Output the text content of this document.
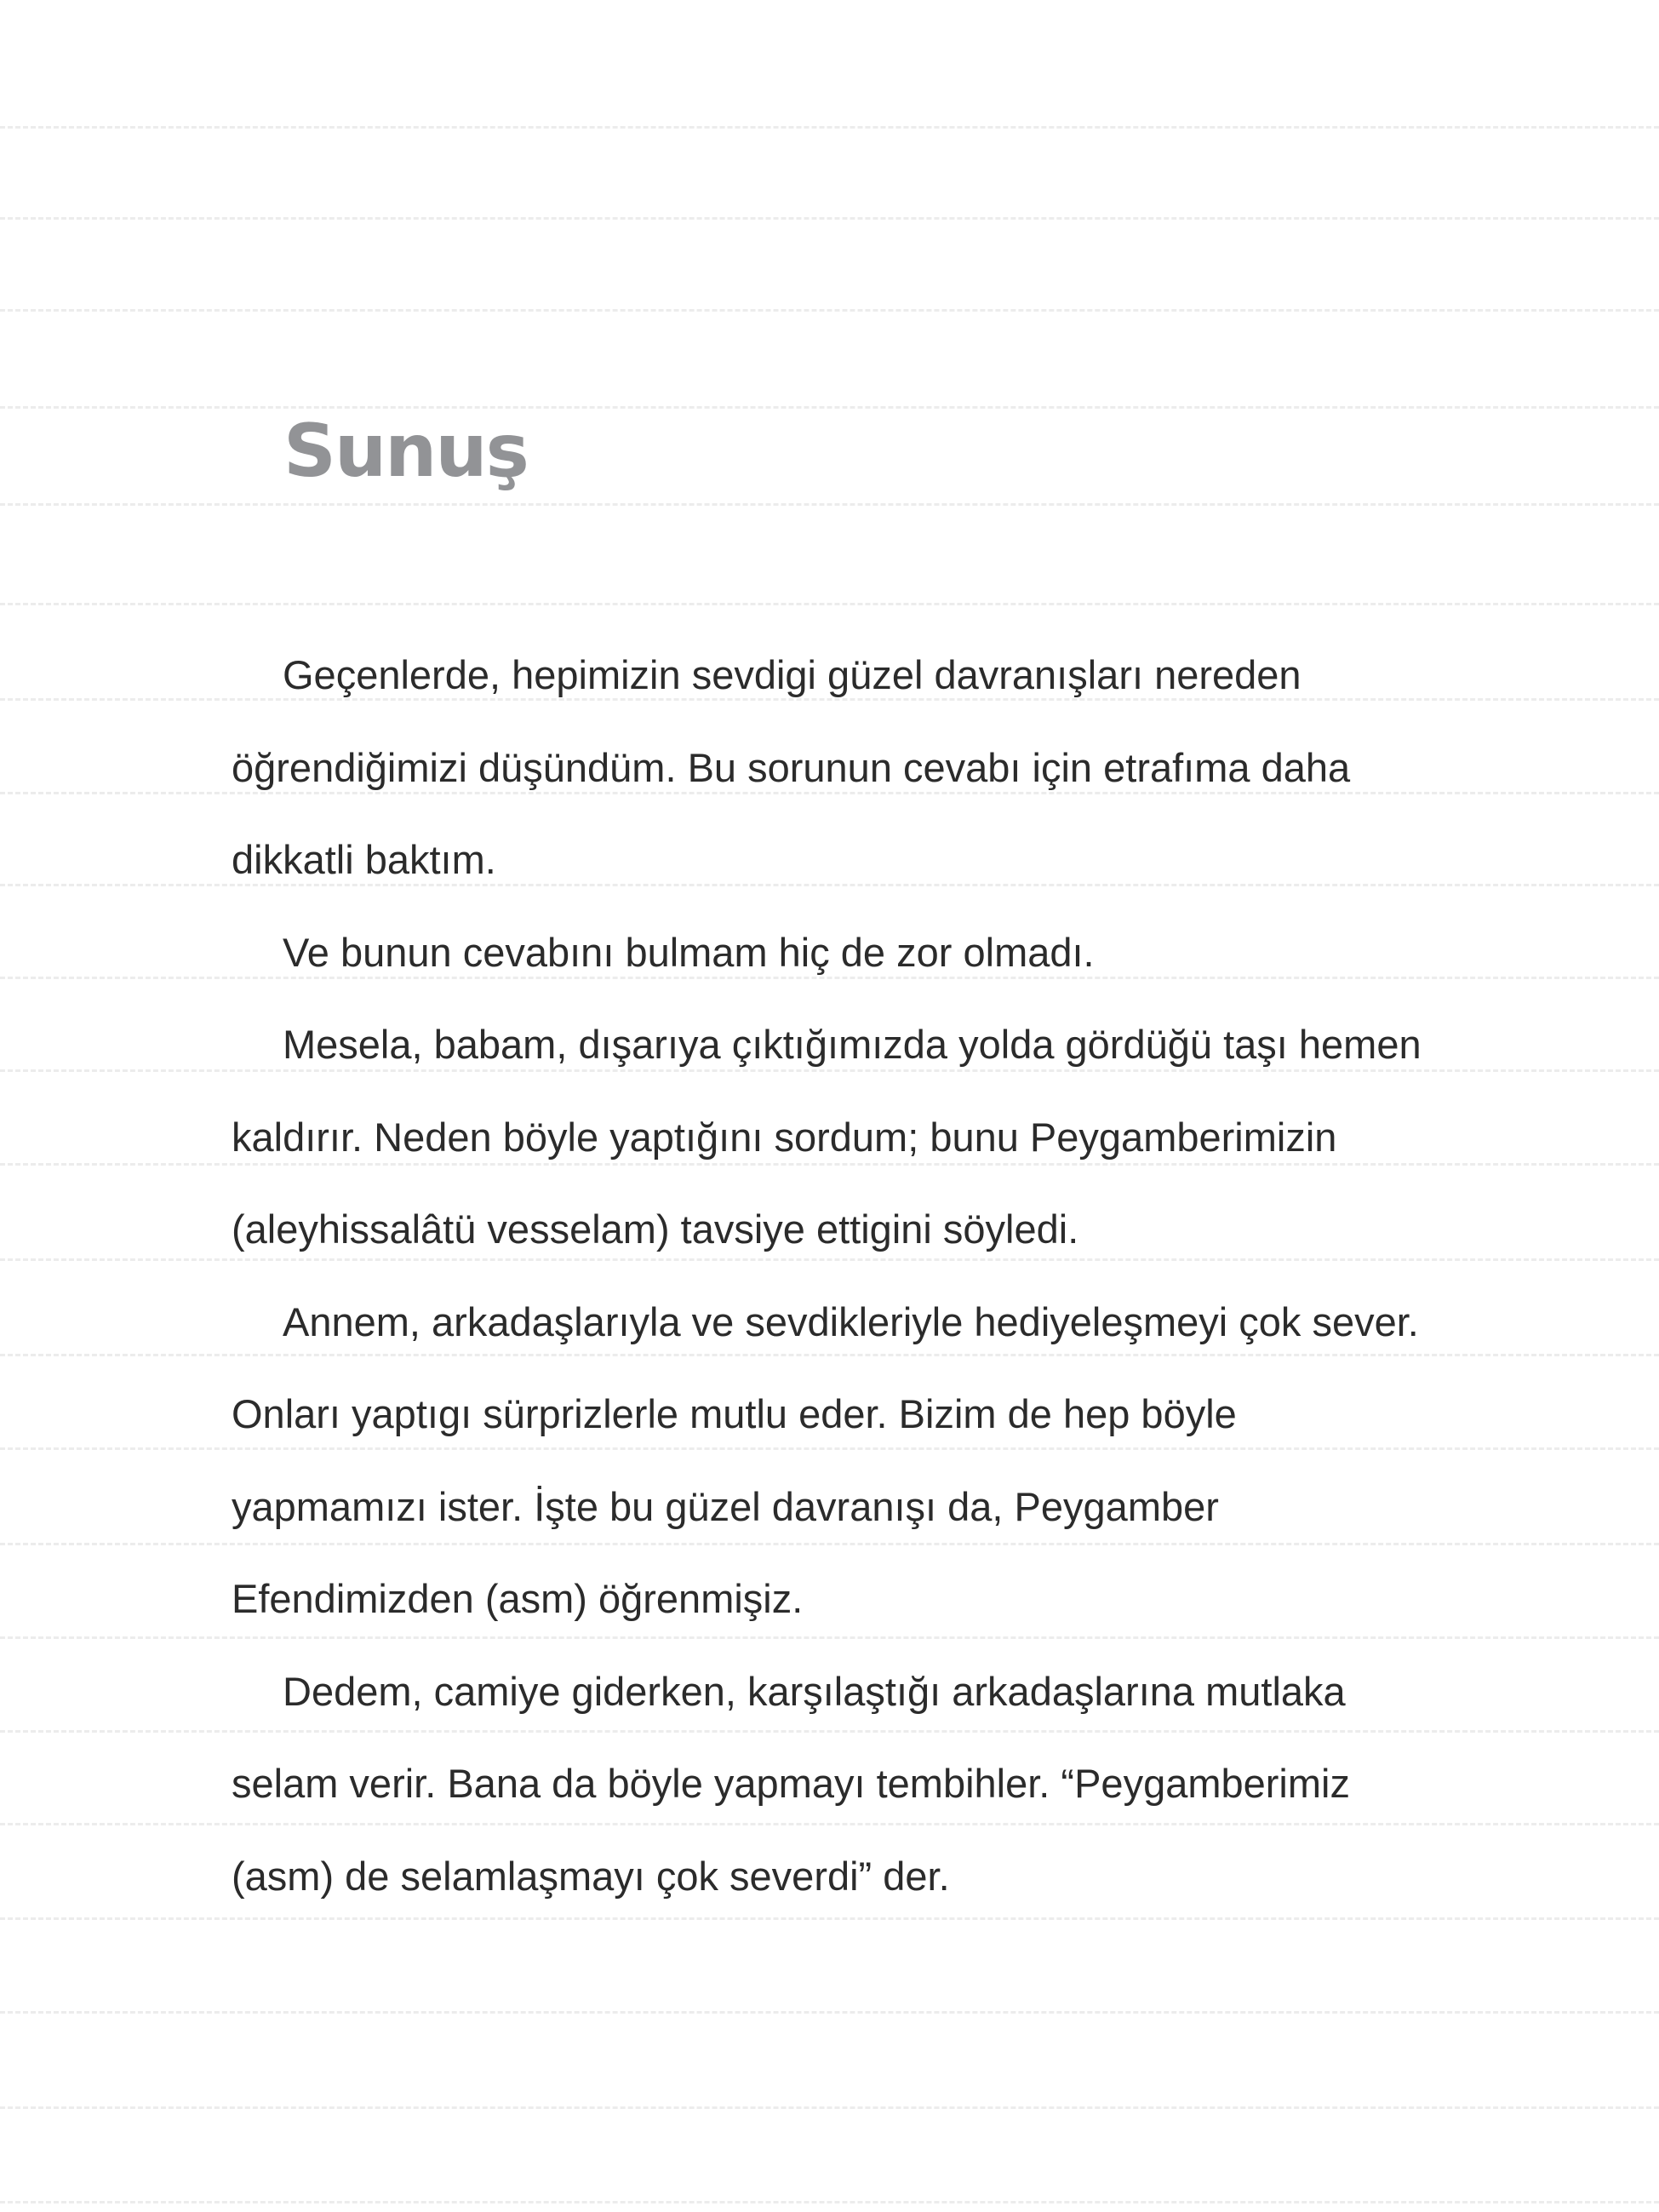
Sunuş

Geçenlerde, hepimizin sevdigi güzel davranışları nereden öğrendiğimizi düşündüm. Bu sorunun cevabı için etrafıma daha dikkatli baktım.

Ve bunun cevabını bulmam hiç de zor olmadı.

Mesela, babam, dışarıya çıktığımızda yolda gördüğü taşı hemen kaldırır. Neden böyle yaptığını sordum; bunu Peygamberimizin (aleyhissalâtü vesselam) tavsiye ettigini söyledi.

Annem, arkadaşlarıyla ve sevdikleriyle hediyeleşmeyi çok sever. Onları yaptıgı sürprizlerle mutlu eder. Bizim de hep böyle yapmamızı ister. İşte bu güzel davranışı da, Peygamber Efendimizden (asm) öğrenmişiz.

Dedem, camiye giderken, karşılaştığı arkadaşlarına mutlaka selam verir. Bana da böyle yapmayı tembihler. “Peygamberimiz (asm) de selamlaşmayı çok severdi” der.
